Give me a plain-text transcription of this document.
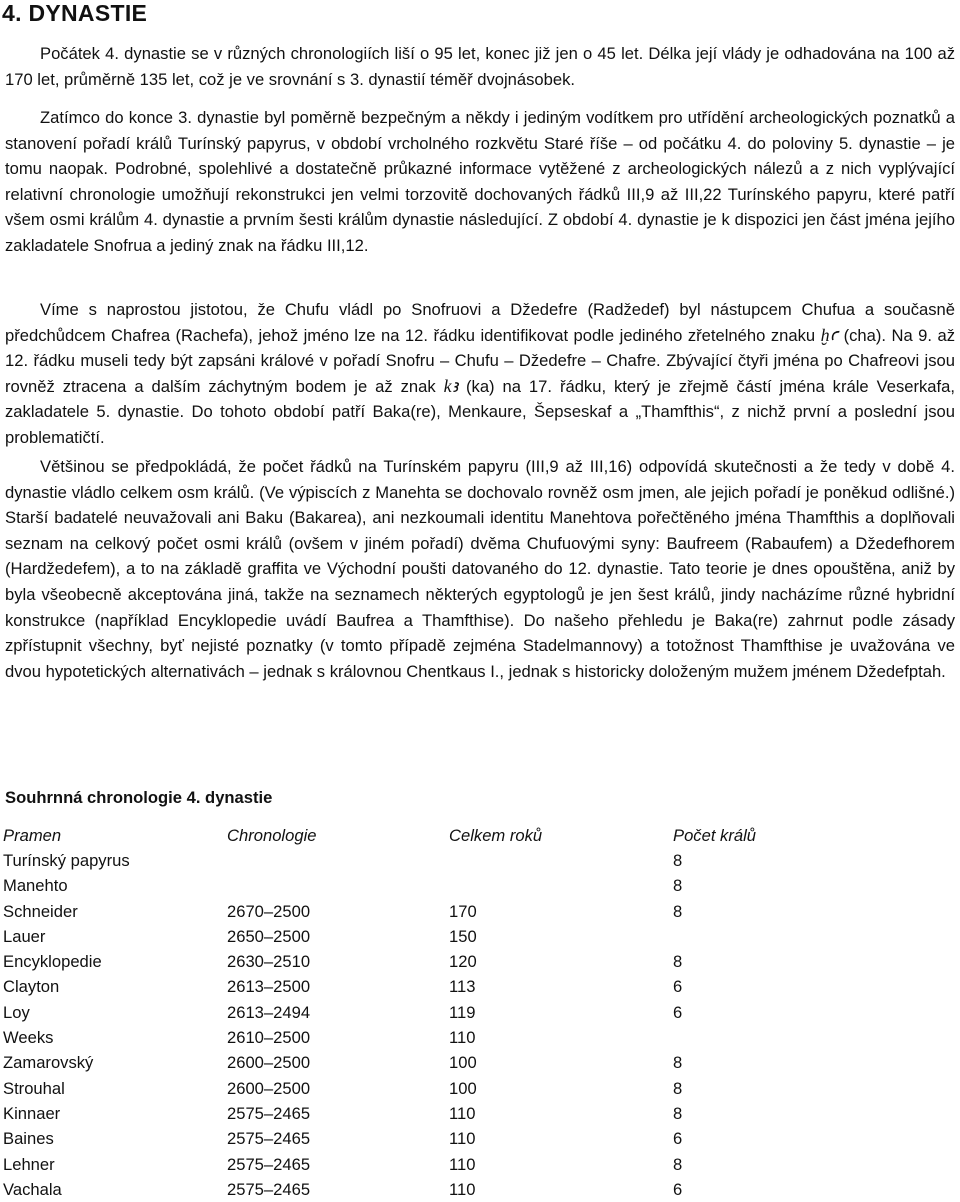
4. DYNASTIE

Počátek 4. dynastie se v různých chronologiích liší o 95 let, konec již jen o 45 let. Délka její vlády je odhadována na 100 až 170 let, průměrně 135 let, což je ve srovnání s 3. dynastií téměř dvojnásobek.

Zatímco do konce 3. dynastie byl poměrně bezpečným a někdy i jediným vodítkem pro utřídění archeologických poznatků a stanovení pořadí králů Turínský papyrus, v období vrcholného rozkvětu Staré říše – od počátku 4. do poloviny 5. dynastie – je tomu naopak. Podrobné, spolehlivé a dostatečně průkazné informace vytěžené z archeologických nálezů a z nich vyplývající relativní chronologie umožňují rekonstrukci jen velmi torzovitě dochovaných řádků III,9 až III,22 Turínského papyru, které patří všem osmi králům 4. dynastie a prvním šesti králům dynastie následující. Z období 4. dynastie je k dispozici jen část jména jejího zakladatele Snofrua a jediný znak na řádku III,12.

Víme s naprostou jistotou, že Chufu vládl po Snofruovi a Džedefre (Radžedef) byl nástupcem Chufua a současně předchůdcem Chafrea (Rachefa), jehož jméno lze na 12. řádku identifikovat podle jediného zřetelného znaku ḫꜥ (cha). Na 9. až 12. řádku museli tedy být zapsáni králové v pořadí Snofru – Chufu – Džedefre – Chafre. Zbývající čtyři jména po Chafreovi jsou rovněž ztracena a dalším záchytným bodem je až znak kꜣ (ka) na 17. řádku, který je zřejmě částí jména krále Veserkafa, zakladatele 5. dynastie. Do tohoto období patří Baka(re), Menkaure, Šepseskaf a „Thamfthis“, z nichž první a poslední jsou problematičtí.

Většinou se předpokládá, že počet řádků na Turínském papyru (III,9 až III,16) odpovídá skutečnosti a že tedy v době 4. dynastie vládlo celkem osm králů. (Ve výpiscích z Manehta se dochovalo rovněž osm jmen, ale jejich pořadí je poněkud odlišné.) Starší badatelé neuvažovali ani Baku (Bakarea), ani nezkoumali identitu Manehtova pořečtěného jména Thamfthis a doplňovali seznam na celkový počet osmi králů (ovšem v jiném pořadí) dvěma Chufuovými syny: Baufreem (Rabaufem) a Džedefhorem (Hardžedefem), a to na základě graffita ve Východní poušti datovaného do 12. dynastie. Tato teorie je dnes opouštěna, aniž by byla všeobecně akceptována jiná, takže na seznamech některých egyptologů je jen šest králů, jindy nacházíme různé hybridní konstrukce (například Encyklopedie uvádí Baufrea a Thamfthise). Do našeho přehledu je Baka(re) zahrnut podle zásady zpřístupnit všechny, byť nejisté poznatky (v tomto případě zejména Stadelmannovy) a totožnost Thamfthise je uvažována ve dvou hypotetických alternativách – jednak s královnou Chentkaus I., jednak s historicky doloženým mužem jménem Džedefptah.

Souhrnná chronologie 4. dynastie

Pramen	Chronologie	Celkem roků	Počet králů
Turínský papyrus			8
Manehto			8
Schneider	2670–2500	170	8
Lauer	2650–2500	150	
Encyklopedie	2630–2510	120	8
Clayton	2613–2500	113	6
Loy	2613–2494	119	6
Weeks	2610–2500	110	
Zamarovský	2600–2500	100	8
Strouhal	2600–2500	100	8
Kinnaer	2575–2465	110	8
Baines	2575–2465	110	6
Lehner	2575–2465	110	8
Vachala	2575–2465	110	6
